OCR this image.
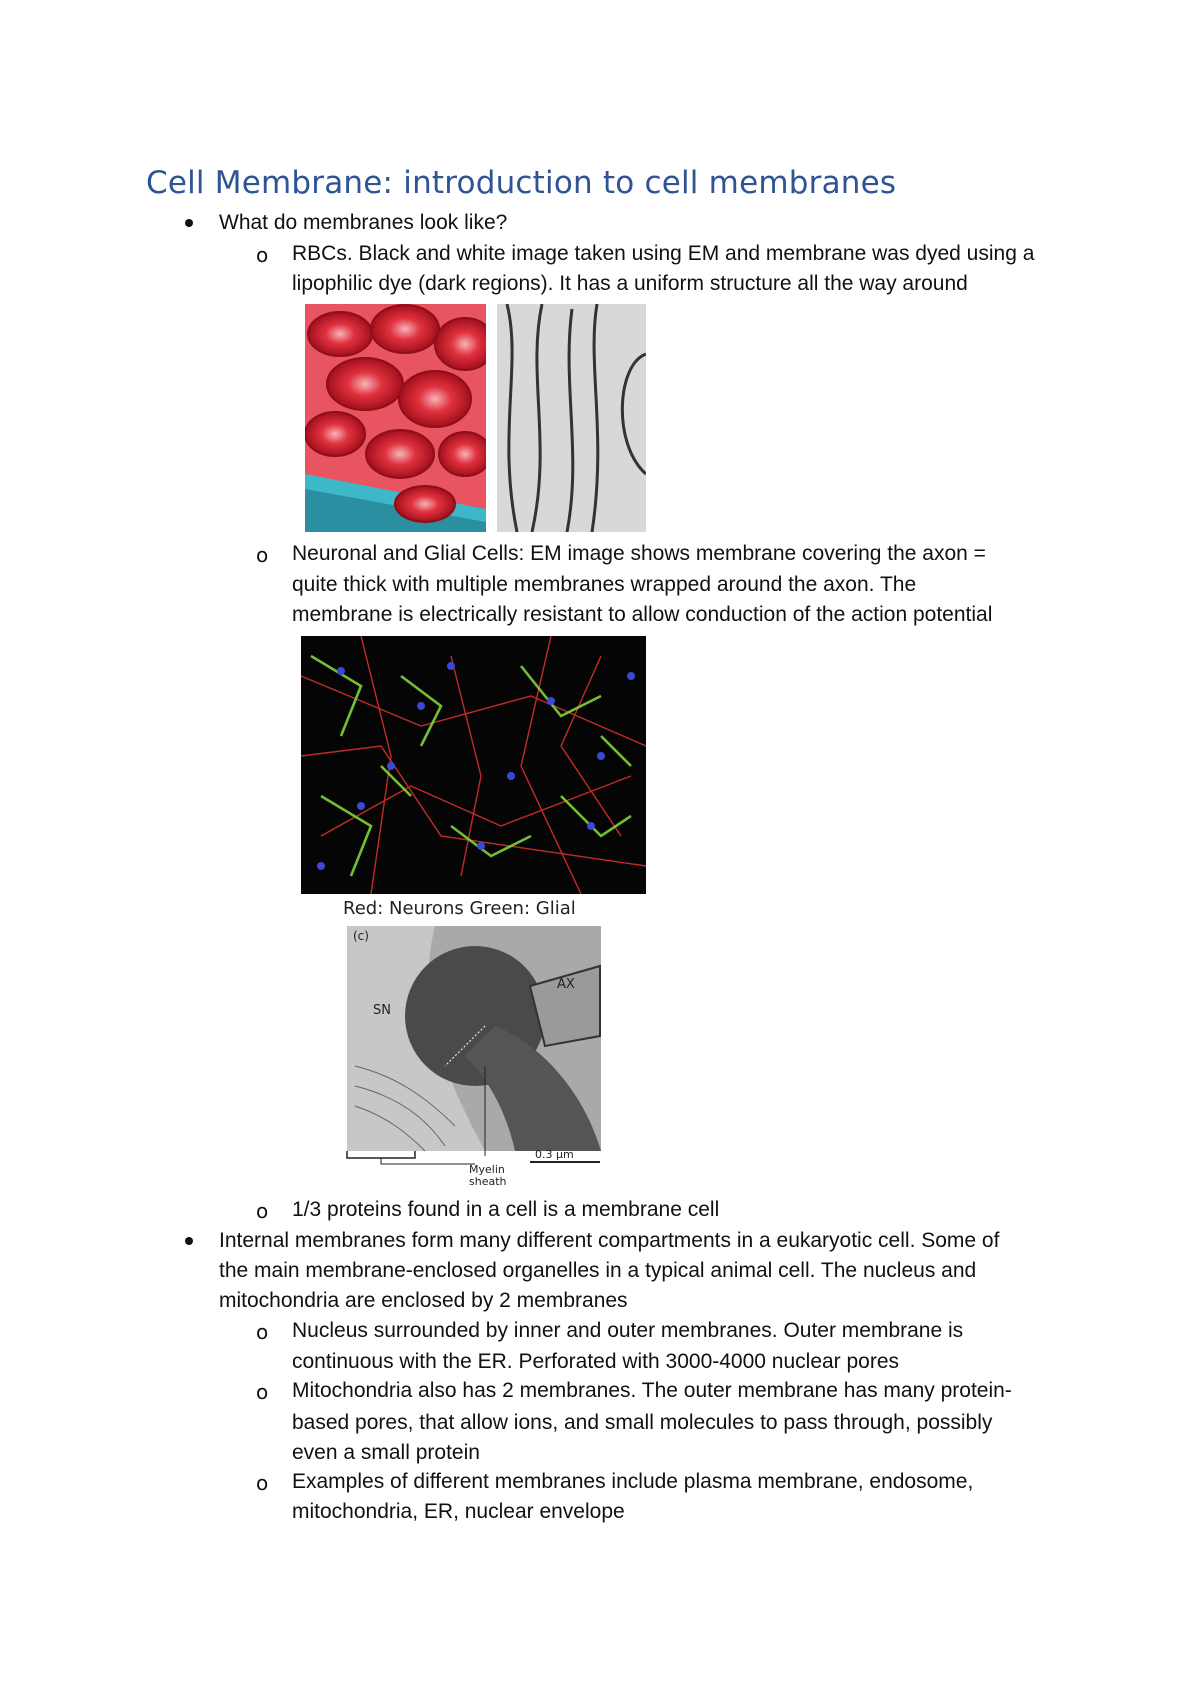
Cell Membrane: introduction to cell membranes
What do membranes look like?
o RBCs. Black and white image taken using EM and membrane was dyed using a
lipophilic dye (dark regions). It has a uniform structure all the way around
o Neuronal and Glial Cells: EM image shows membrane covering the axon =
quite thick with multiple membranes wrapped around the axon. The
membrane is electrically resistant to allow conduction of the action potential
Red: Neurons Green: Glial
(c)
SN
AX
Myelin
sheath
0.3 µm
o 1/3 proteins found in a cell is a membrane cell
Internal membranes form many different compartments in a eukaryotic cell. Some of
the main membrane-enclosed organelles in a typical animal cell. The nucleus and
mitochondria are enclosed by 2 membranes
o Nucleus surrounded by inner and outer membranes. Outer membrane is
continuous with the ER. Perforated with 3000-4000 nuclear pores
o Mitochondria also has 2 membranes. The outer membrane has many protein-
based pores, that allow ions, and small molecules to pass through, possibly
even a small protein
o Examples of different membranes include plasma membrane, endosome,
mitochondria, ER, nuclear envelope
